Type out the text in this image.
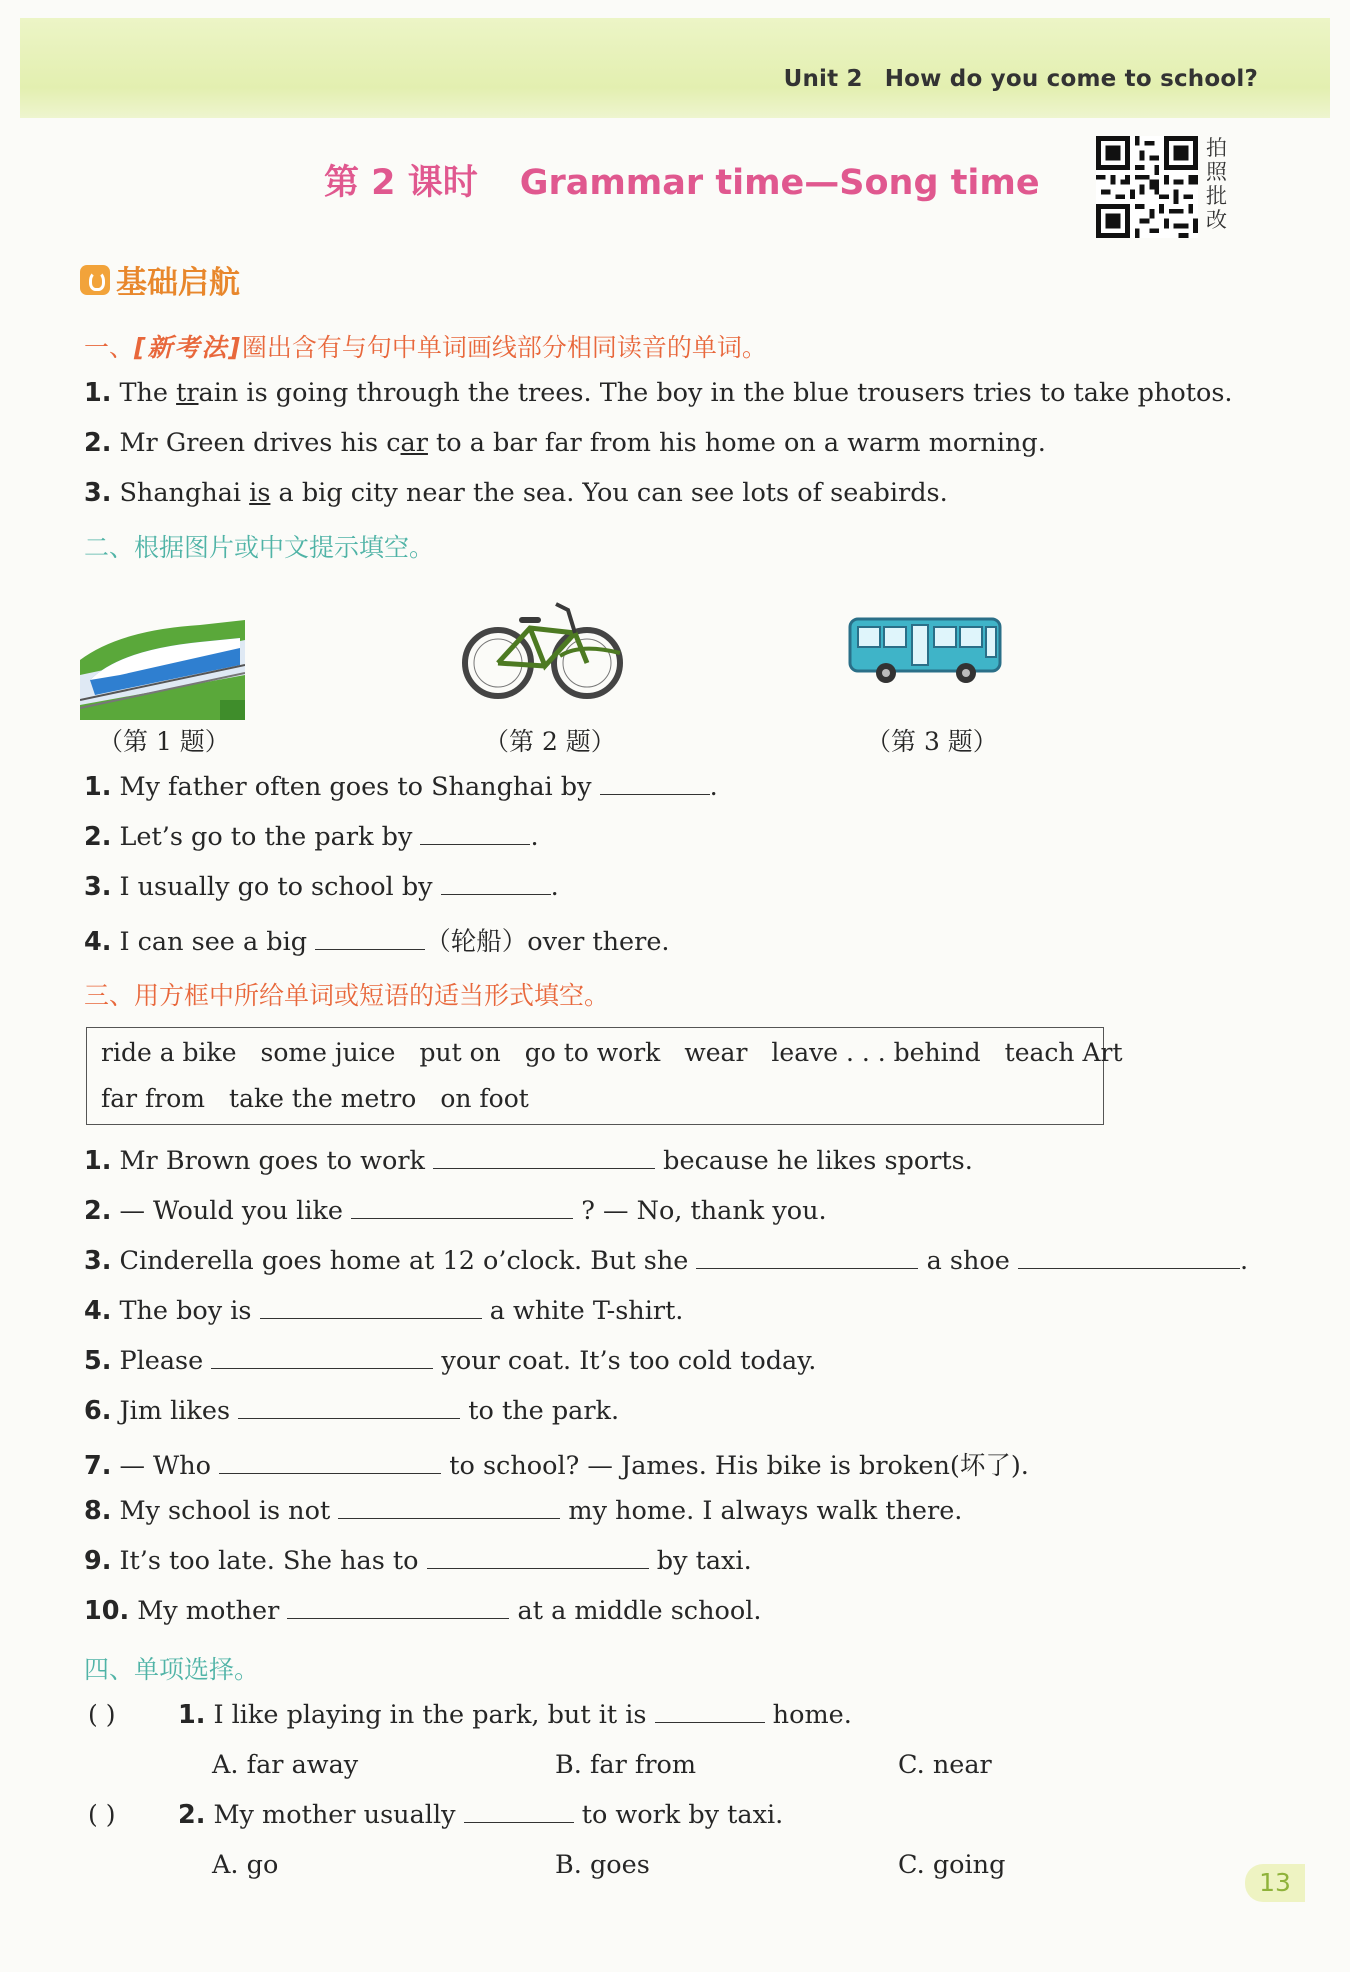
Unit 2 How do you come to school?
第 2 课时 Grammar time—Song time
拍照批改
基础启航
一、[新考法]圈出含有与句中单词画线部分相同读音的单词。
1. The train is going through the trees. The boy in the blue trousers tries to take photos.
2. Mr Green drives his car to a bar far from his home on a warm morning.
3. Shanghai is a big city near the sea. You can see lots of seabirds.
二、根据图片或中文提示填空。
（第 1 题）	（第 2 题）	（第 3 题）
1. My father often goes to Shanghai by	.
2. Let’s go to the park by	.
3. I usually go to school by	.
4. I can see a big	（轮船）over there.
三、用方框中所给单词或短语的适当形式填空。
ride a bike some juice put on go to work wear leave . . . behind teach Art
far from take the metro on foot
1. Mr Brown goes to work	because he likes sports.
2. — Would you like	? — No, thank you.
3. Cinderella goes home at 12 o’clock. But she	a shoe	.
4. The boy is	a white T-shirt.
5. Please	your coat. It’s too cold today.
6. Jim likes	to the park.
7. — Who	to school? — James. His bike is broken(坏了).
8. My school is not	my home. I always walk there.
9. It’s too late. She has to	by taxi.
10. My mother	at a middle school.
四、单项选择。
( ) 1. I like playing in the park, but it is	home.
A. far away	B. far from	C. near
( ) 2. My mother usually	to work by taxi.
A. go	B. goes	C. going
13
